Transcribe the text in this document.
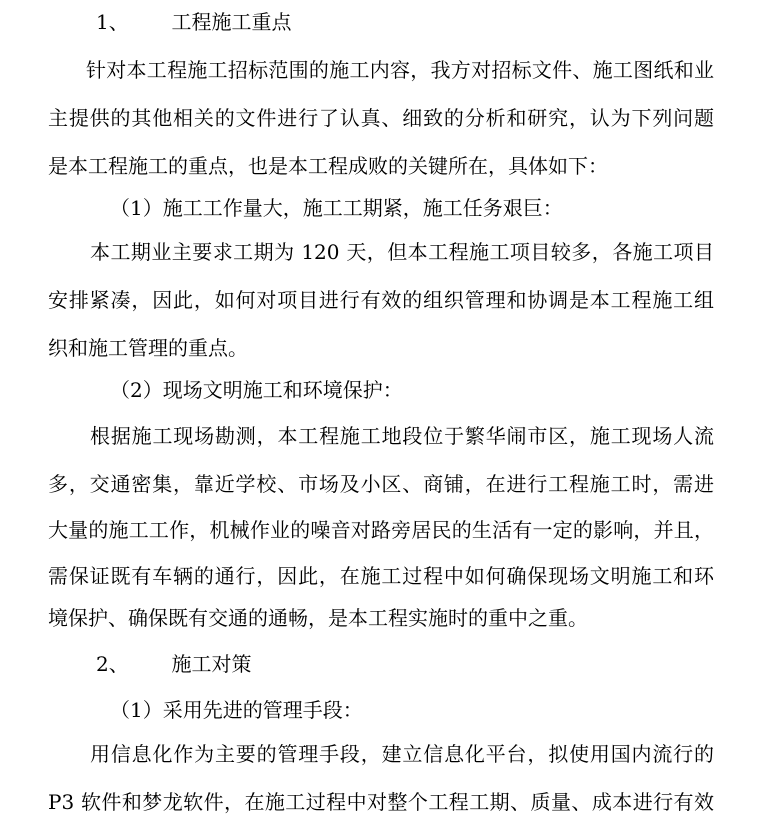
1、 工程施工重点
针对本工程施工招标范围的施工内容，我方对招标文件、施工图纸和业
主提供的其他相关的文件进行了认真、细致的分析和研究，认为下列问题
是本工程施工的重点，也是本工程成败的关键所在，具体如下：
（1）施工工作量大，施工工期紧，施工任务艰巨：
本工期业主要求工期为 120 天，但本工程施工项目较多，各施工项目
安排紧凑，因此，如何对项目进行有效的组织管理和协调是本工程施工组
织和施工管理的重点。
（2）现场文明施工和环境保护：
根据施工现场勘测，本工程施工地段位于繁华闹市区，施工现场人流
多，交通密集，靠近学校、市场及小区、商铺，在进行工程施工时，需进
大量的施工工作，机械作业的噪音对路旁居民的生活有一定的影响，并且，
需保证既有车辆的通行，因此，在施工过程中如何确保现场文明施工和环
境保护、确保既有交通的通畅，是本工程实施时的重中之重。
2、 施工对策
（1）采用先进的管理手段：
用信息化作为主要的管理手段，建立信息化平台，拟使用国内流行的
P3 软件和梦龙软件，在施工过程中对整个工程工期、质量、成本进行有效
